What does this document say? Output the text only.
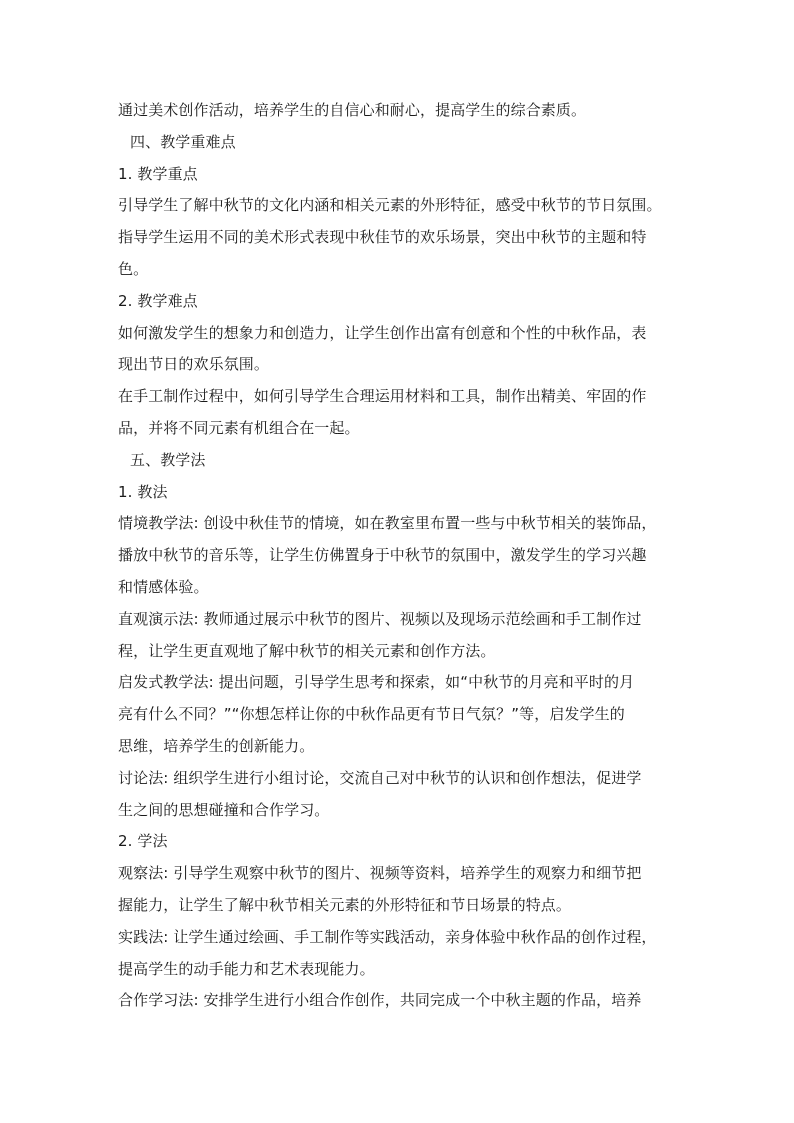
通过美术创作活动，培养学生的自信心和耐心，提高学生的综合素质。
四、教学重难点
1. 教学重点
引导学生了解中秋节的文化内涵和相关元素的外形特征，感受中秋节的节日氛围。
指导学生运用不同的美术形式表现中秋佳节的欢乐场景，突出中秋节的主题和特
色。
2. 教学难点
如何激发学生的想象力和创造力，让学生创作出富有创意和个性的中秋作品，表
现出节日的欢乐氛围。
在手工制作过程中，如何引导学生合理运用材料和工具，制作出精美、牢固的作
品，并将不同元素有机组合在一起。
五、教学法
1. 教法
情境教学法: 创设中秋佳节的情境，如在教室里布置一些与中秋节相关的装饰品，
播放中秋节的音乐等，让学生仿佛置身于中秋节的氛围中，激发学生的学习兴趣
和情感体验。
直观演示法: 教师通过展示中秋节的图片、视频以及现场示范绘画和手工制作过
程，让学生更直观地了解中秋节的相关元素和创作方法。
启发式教学法: 提出问题，引导学生思考和探索，如“中秋节的月亮和平时的月
亮有什么不同？”“你想怎样让你的中秋作品更有节日气氛？”等，启发学生的
思维，培养学生的创新能力。
讨论法: 组织学生进行小组讨论，交流自己对中秋节的认识和创作想法，促进学
生之间的思想碰撞和合作学习。
2. 学法
观察法: 引导学生观察中秋节的图片、视频等资料，培养学生的观察力和细节把
握能力，让学生了解中秋节相关元素的外形特征和节日场景的特点。
实践法: 让学生通过绘画、手工制作等实践活动，亲身体验中秋作品的创作过程，
提高学生的动手能力和艺术表现能力。
合作学习法: 安排学生进行小组合作创作，共同完成一个中秋主题的作品，培养
